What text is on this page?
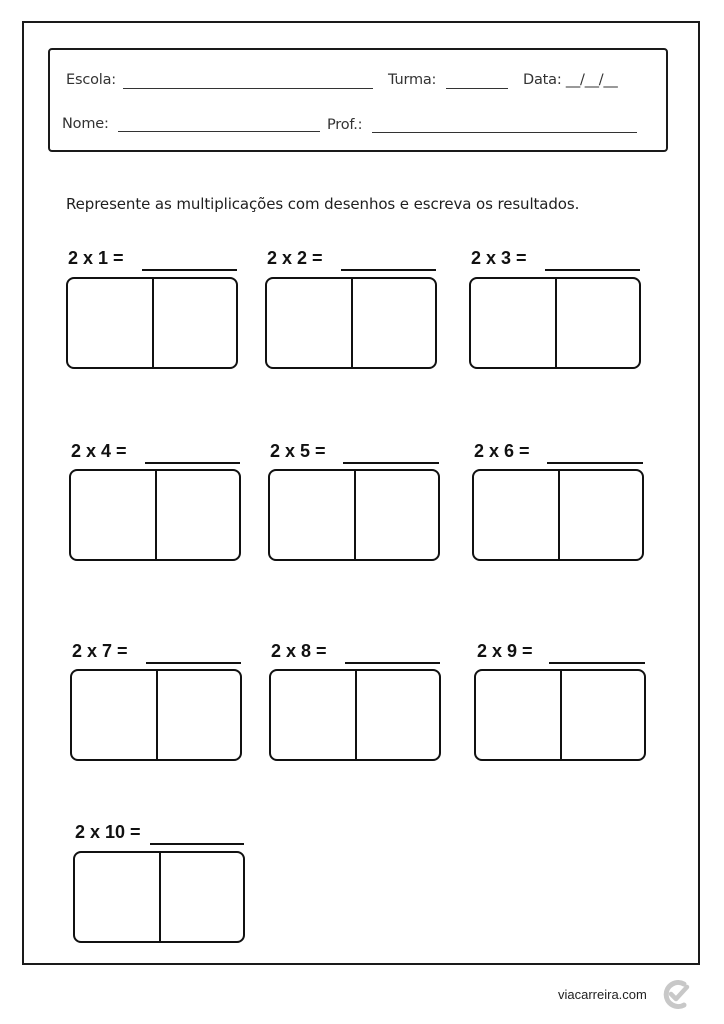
Escola:	Turma:	Data: __/__/__
Nome:	Prof.:
Represente as multiplicações com desenhos e escreva os resultados.
2 x 1 =	2 x 2 =	2 x 3 =
2 x 4 =	2 x 5 =	2 x 6 =
2 x 7 =	2 x 8 =	2 x 9 =
2 x 10 =
viacarreira.com
